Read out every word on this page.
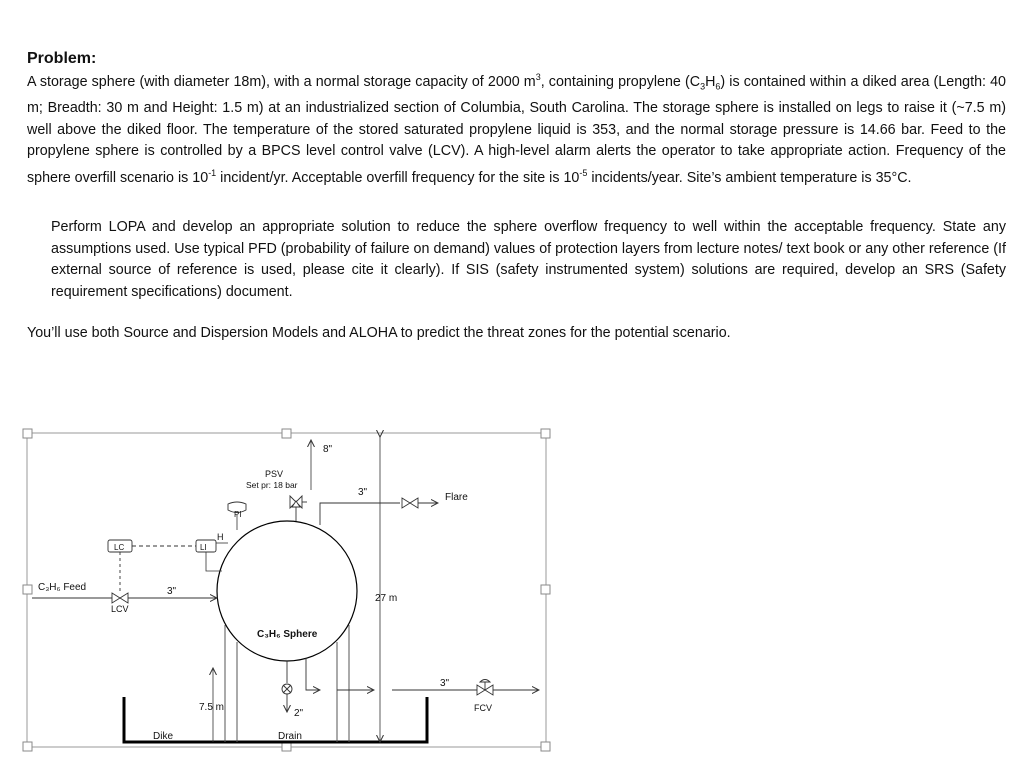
Problem:
A storage sphere (with diameter 18m), with a normal storage capacity of 2000 $m^3$, containing propylene $(C_3H_6)$ is contained within a diked area (Length: 40 m; Breadth: 30 m and Height: 1.5 m) at an industrialized section of Columbia, South Carolina. The storage sphere is installed on legs to raise it (~7.5 m) well above the diked floor. The temperature of the stored saturated propylene liquid is 353, and the normal storage pressure is 14.66 bar. Feed to the propylene sphere is controlled by a BPCS level control valve (LCV). A high-level alarm alerts the operator to take appropriate action. Frequency of the sphere overfill scenario is $10^{-1}$ incident/yr. Acceptable overfill frequency for the site is $10^{-5}$ incidents/year. Site’s ambient temperature is 35°C.
Perform LOPA and develop an appropriate solution to reduce the sphere overflow frequency to well within the acceptable frequency. State any assumptions used. Use typical PFD (probability of failure on demand) values of protection layers from lecture notes/ text book or any other reference (If external source of reference is used, please cite it clearly). If SIS (safety instrumented system) solutions are required, develop an SRS (Safety requirement specifications) document.
You’ll use both Source and Dispersion Models and ALOHA to predict the threat zones for the potential scenario.
Dike
C₃H₆ Sphere
7.5 m
27 m
8"
PSV
Set pr: 18 bar
3"	Flare
PI
LI
H
LC
C₃H₆ Feed
LCV
3"
2"
Drain
3"
FCV
